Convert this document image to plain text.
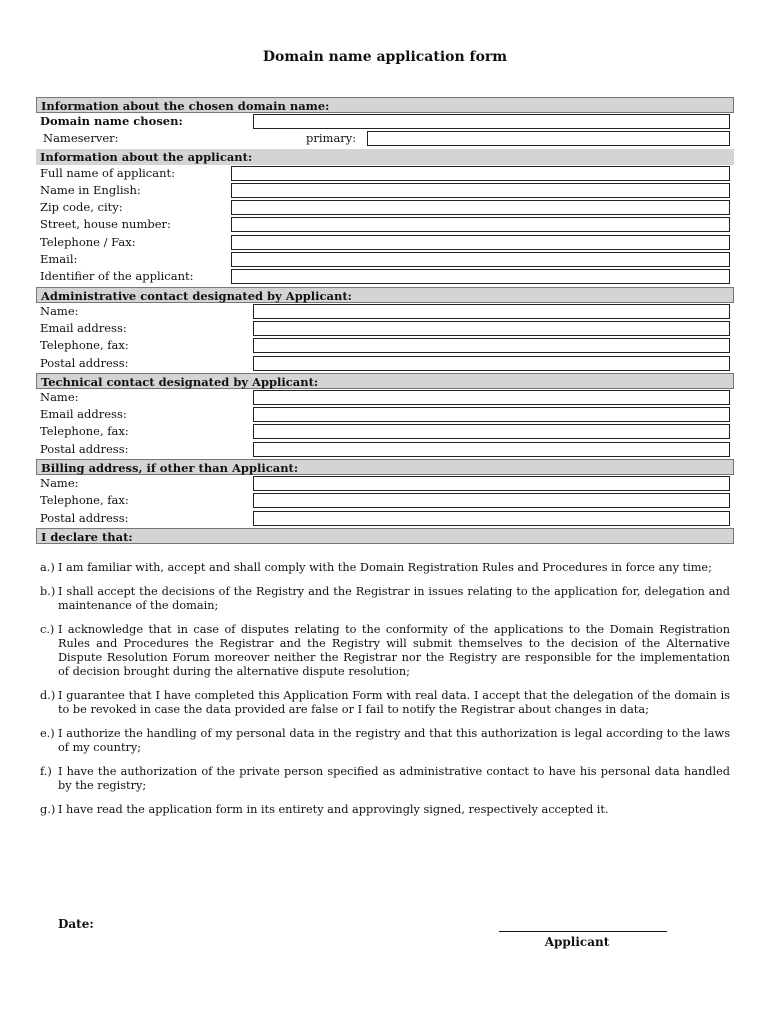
Domain name application form
Information about the chosen domain name:
Domain name chosen:
Nameserver:	primary:
Information about the applicant:
Full name of applicant:
Name in English:
Zip code, city:
Street, house number:
Telephone / Fax:
Email:
Identifier of the applicant:
Administrative contact designated by Applicant:
Name:
Email address:
Telephone, fax:
Postal address:
Technical contact designated by Applicant:
Name:
Email address:
Telephone, fax:
Postal address:
Billing address, if other than Applicant:
Name:
Telephone, fax:
Postal address:
I declare that:
a.) I am familiar with, accept and shall comply with the Domain Registration Rules and Procedures in force any time;
b.) I shall accept the decisions of the Registry and the Registrar in issues relating to the application for, delegation and maintenance of the domain;
c.) I acknowledge that in case of disputes relating to the conformity of the applications to the Domain Registration Rules and Procedures the Registrar and the Registry will submit themselves to the decision of the Alternative Dispute Resolution Forum moreover neither the Registrar nor the Registry are responsible for the implementation of decision brought during the alternative dispute resolution;
d.) I guarantee that I have completed this Application Form with real data. I accept that the delegation of the domain is to be revoked in case the data provided are false or I fail to notify the Registrar about changes in data;
e.) I authorize the handling of my personal data in the registry and that this authorization is legal according to the laws of my country;
f.) I have the authorization of the private person specified as administrative contact to have his personal data handled by the registry;
g.) I have read the application form in its entirety and approvingly signed, respectively accepted it.
Date:
Applicant
